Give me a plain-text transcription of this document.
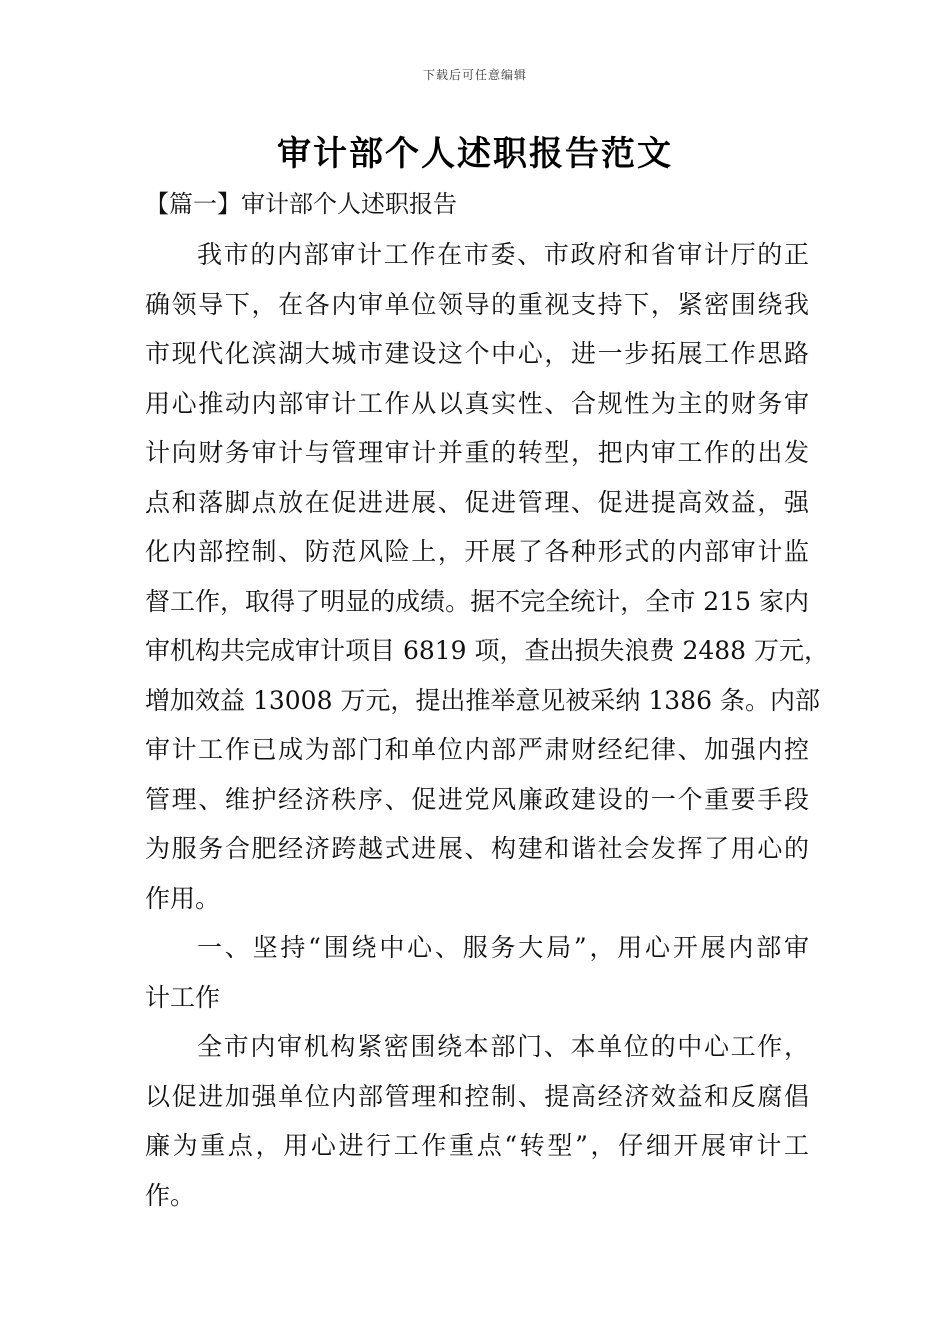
下载后可任意编辑
审计部个人述职报告范文
【篇一】审计部个人述职报告
我市的内部审计工作在市委、市政府和省审计厅的正
确领导下，在各内审单位领导的重视支持下，紧密围绕我
市现代化滨湖大城市建设这个中心，进一步拓展工作思路
用心推动内部审计工作从以真实性、合规性为主的财务审
计向财务审计与管理审计并重的转型，把内审工作的出发
点和落脚点放在促进进展、促进管理、促进提高效益，强
化内部控制、防范风险上，开展了各种形式的内部审计监
督工作，取得了明显的成绩。据不完全统计，全市 215 家内
审机构共完成审计项目 6819 项，查出损失浪费 2488 万元，
增加效益 13008 万元，提出推举意见被采纳 1386 条。内部
审计工作已成为部门和单位内部严肃财经纪律、加强内控
管理、维护经济秩序、促进党风廉政建设的一个重要手段
为服务合肥经济跨越式进展、构建和谐社会发挥了用心的
作用。
一、坚持“围绕中心、服务大局”，用心开展内部审
计工作
全市内审机构紧密围绕本部门、本单位的中心工作，
以促进加强单位内部管理和控制、提高经济效益和反腐倡
廉为重点，用心进行工作重点“转型”，仔细开展审计工
作。
